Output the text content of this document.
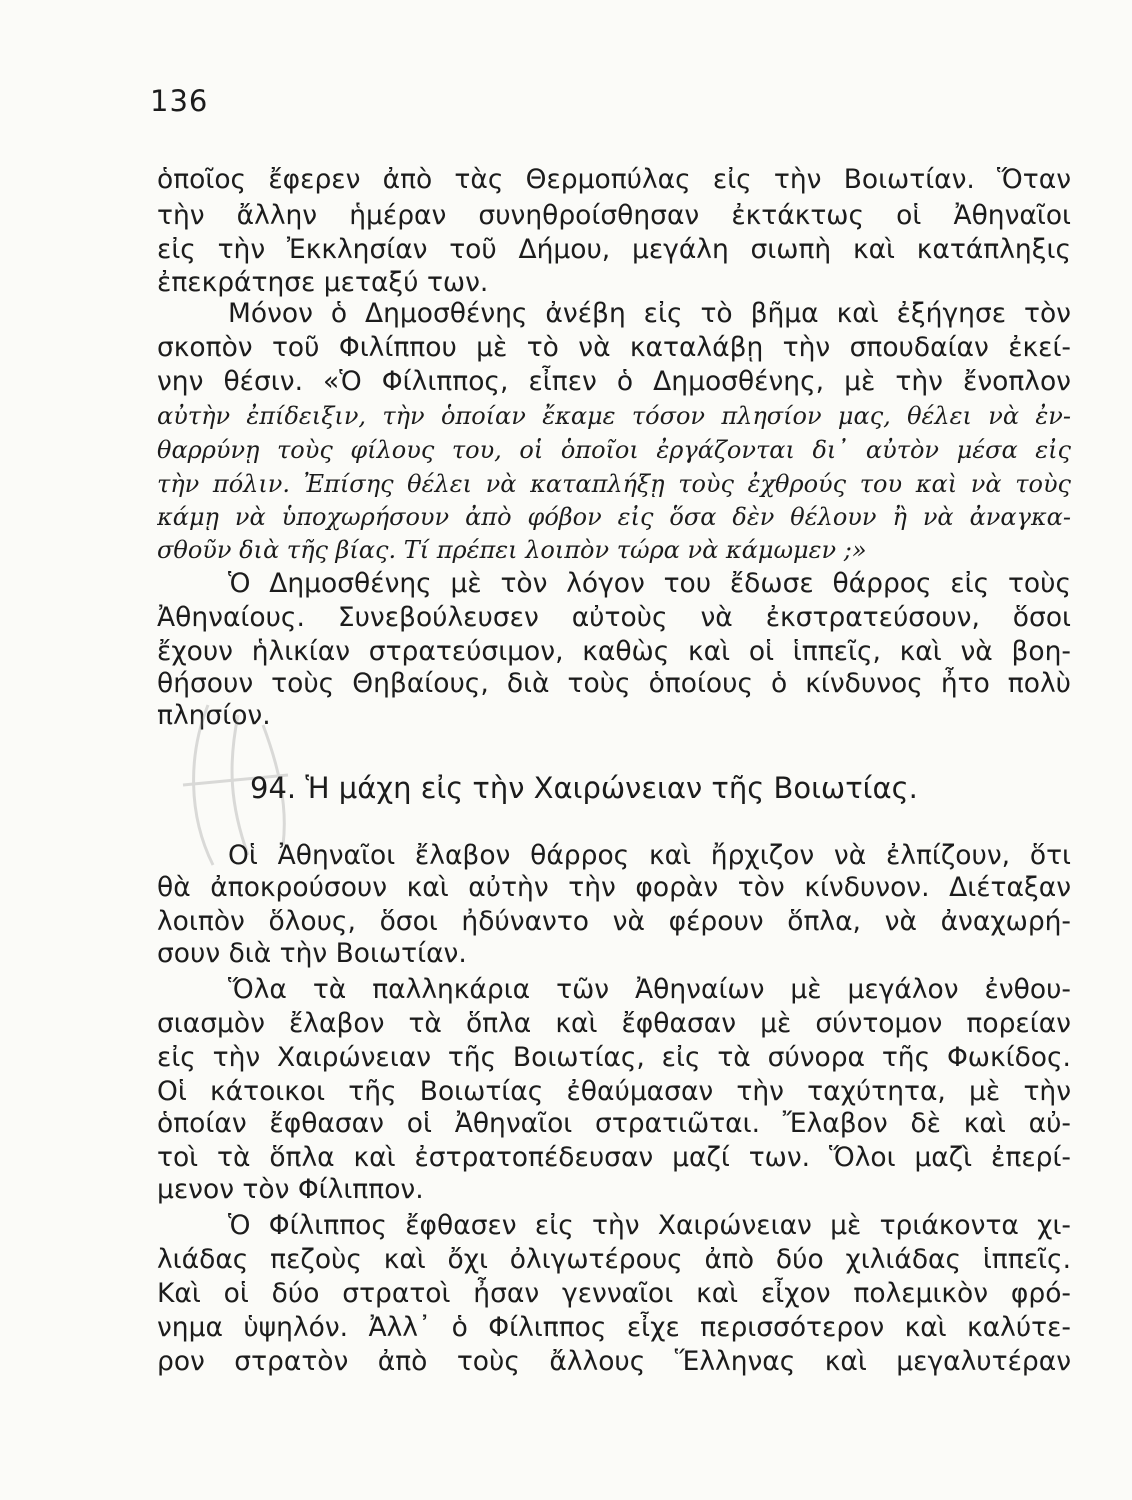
136
ὁποῖος ἔφερεν ἀπὸ τὰς Θερμοπύλας εἰς τὴν Βοιωτίαν. Ὅταν
τὴν ἄλλην ἡμέραν συνηθροίσθησαν ἐκτάκτως οἱ Ἀθηναῖοι
εἰς τὴν Ἐκκλησίαν τοῦ Δήμου, μεγάλη σιωπὴ καὶ κατάπληξις
ἐπεκράτησε μεταξύ των.
Μόνον ὁ Δημοσθένης ἀνέβη εἰς τὸ βῆμα καὶ ἐξήγησε τὸν
σκοπὸν τοῦ Φιλίππου μὲ τὸ νὰ καταλάβῃ τὴν σπουδαίαν ἐκεί-
νην θέσιν. «Ὁ Φίλιππος, εἶπεν ὁ Δημοσθένης, μὲ τὴν ἔνοπλον
αὐτὴν ἐπίδειξιν, τὴν ὁποίαν ἔκαμε τόσον πλησίον μας, θέλει νὰ ἐν-
θαρρύνῃ τοὺς φίλους του, οἱ ὁποῖοι ἐργάζονται δι᾽ αὐτὸν μέσα εἰς
τὴν πόλιν. Ἐπίσης θέλει νὰ καταπλήξῃ τοὺς ἐχθρούς του καὶ νὰ τοὺς
κάμῃ νὰ ὑποχωρήσουν ἀπὸ φόβον εἰς ὅσα δὲν θέλουν ἢ νὰ ἀναγκα-
σθοῦν διὰ τῆς βίας. Τί πρέπει λοιπὸν τώρα νὰ κάμωμεν ;»
Ὁ Δημοσθένης μὲ τὸν λόγον του ἔδωσε θάρρος εἰς τοὺς
Ἀθηναίους. Συνεβούλευσεν αὐτοὺς νὰ ἐκστρατεύσουν, ὅσοι
ἔχουν ἡλικίαν στρατεύσιμον, καθὼς καὶ οἱ ἱππεῖς, καὶ νὰ βοη-
θήσουν τοὺς Θηβαίους, διὰ τοὺς ὁποίους ὁ κίνδυνος ἦτο πολὺ
πλησίον.
94. Ἡ μάχη εἰς τὴν Χαιρώνειαν τῆς Βοιωτίας.
Οἱ Ἀθηναῖοι ἔλαβον θάρρος καὶ ἤρχιζον νὰ ἐλπίζουν, ὅτι
θὰ ἀποκρούσουν καὶ αὐτὴν τὴν φορὰν τὸν κίνδυνον. Διέταξαν
λοιπὸν ὅλους, ὅσοι ἠδύναντο νὰ φέρουν ὅπλα, νὰ ἀναχωρή-
σουν διὰ τὴν Βοιωτίαν.
Ὅλα τὰ παλληκάρια τῶν Ἀθηναίων μὲ μεγάλον ἐνθου-
σιασμὸν ἔλαβον τὰ ὅπλα καὶ ἔφθασαν μὲ σύντομον πορείαν
εἰς τὴν Χαιρώνειαν τῆς Βοιωτίας, εἰς τὰ σύνορα τῆς Φωκίδος.
Οἱ κάτοικοι τῆς Βοιωτίας ἐθαύμασαν τὴν ταχύτητα, μὲ τὴν
ὁποίαν ἔφθασαν οἱ Ἀθηναῖοι στρατιῶται. Ἔλαβον δὲ καὶ αὐ-
τοὶ τὰ ὅπλα καὶ ἐστρατοπέδευσαν μαζί των. Ὅλοι μαζὶ ἐπερί-
μενον τὸν Φίλιππον.
Ὁ Φίλιππος ἔφθασεν εἰς τὴν Χαιρώνειαν μὲ τριάκοντα χι-
λιάδας πεζοὺς καὶ ὄχι ὀλιγωτέρους ἀπὸ δύο χιλιάδας ἱππεῖς.
Καὶ οἱ δύο στρατοὶ ἦσαν γενναῖοι καὶ εἶχον πολεμικὸν φρό-
νημα ὑψηλόν. Ἀλλ᾽ ὁ Φίλιππος εἶχε περισσότερον καὶ καλύτε-
ρον στρατὸν ἀπὸ τοὺς ἄλλους Ἕλληνας καὶ μεγαλυτέραν
